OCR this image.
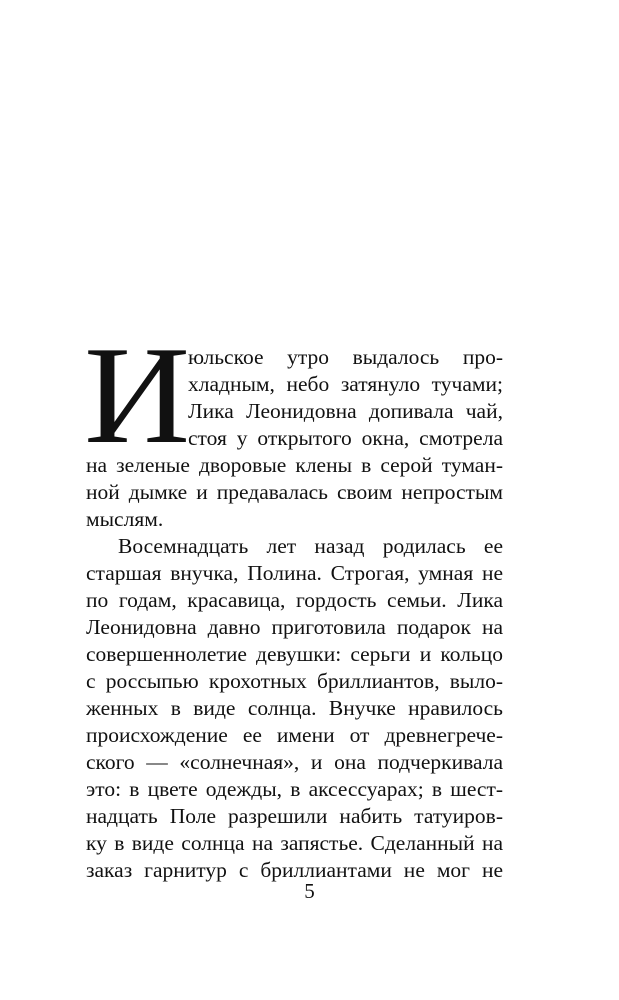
И
юльское утро выдалось про-
хладным, небо затянуло тучами;
Лика Леонидовна допивала чай,
стоя у открытого окна, смотрела
на зеленые дворовые клены в серой туман-
ной дымке и предавалась своим непростым
мыслям.
Восемнадцать лет назад родилась ее
старшая внучка, Полина. Строгая, умная не
по годам, красавица, гордость семьи. Лика
Леонидовна давно приготовила подарок на
совершеннолетие девушки: серьги и кольцо
с россыпью крохотных бриллиантов, выло-
женных в виде солнца. Внучке нравилось
происхождение ее имени от древнегрече-
ского — «солнечная», и она подчеркивала
это: в цвете одежды, в аксессуарах; в шест-
надцать Поле разрешили набить татуиров-
ку в виде солнца на запястье. Сделанный на
заказ гарнитур с бриллиантами не мог не
5
